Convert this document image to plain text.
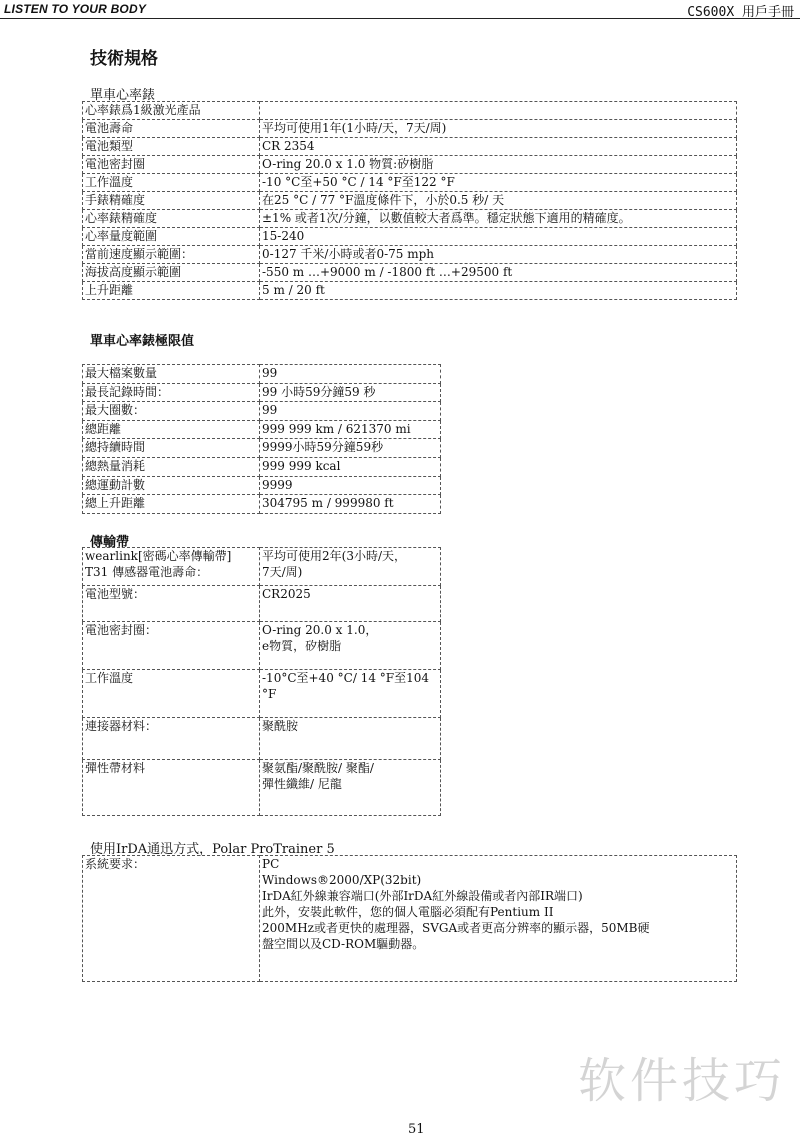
LISTEN TO YOUR BODY	CS600X 用戶手冊
技術規格
單車心率錶
心率錶爲1級激光產品	
電池壽命	平均可使用1年(1小時/天，7天/周)
電池類型	CR 2354
電池密封圈	O-ring 20.0 x 1.0 物質:矽樹脂
工作溫度	-10 °C至+50 °C / 14 °F至122 °F
手錶精確度	在25 °C / 77 °F溫度條件下，小於0.5 秒/ 天
心率錶精確度	±1% 或者1次/分鐘，以數值較大者爲準。穩定狀態下適用的精確度。
心率量度範圍	15-240
當前速度顯示範圍：	0-127 千米/小時或者0-75 mph
海拔高度顯示範圍	-550 m …+9000 m / -1800 ft …+29500 ft
上升距離	5 m / 20 ft
單車心率錶極限值
最大檔案數量	99
最長記錄時間：	99 小時59分鐘59 秒
最大圈數：	99
總距離	999 999 km / 621370 mi
總持續時間	9999小時59分鐘59秒
總熱量消耗	999 999 kcal
總運動計數	9999
總上升距離	304795 m / 999980 ft
傳輸帶
wearlink[密碼心率傳輸帶]
T31 傳感器電池壽命：	平均可使用2年(3小時/天，
7天/周)
電池型號：	CR2025
電池密封圈：	O-ring 20.0 x 1.0，
e物質，矽樹脂
工作溫度	-10°C至+40 °C/ 14 °F至104
°F
連接器材料：	聚酰胺
彈性帶材料	聚氨酯/聚酰胺/ 聚酯/
彈性纖維/ 尼龍
使用IrDA通迅方式，Polar ProTrainer 5
系統要求：	PC
Windows®2000/XP(32bit)
IrDA紅外線兼容端口(外部IrDA紅外線設備或者內部IR端口)
此外，安裝此軟件，您的個人電腦必須配有Pentium II
200MHz或者更快的處理器，SVGA或者更高分辨率的顯示器，50MB硬
盤空間以及CD-ROM驅動器。
软件技巧
51
